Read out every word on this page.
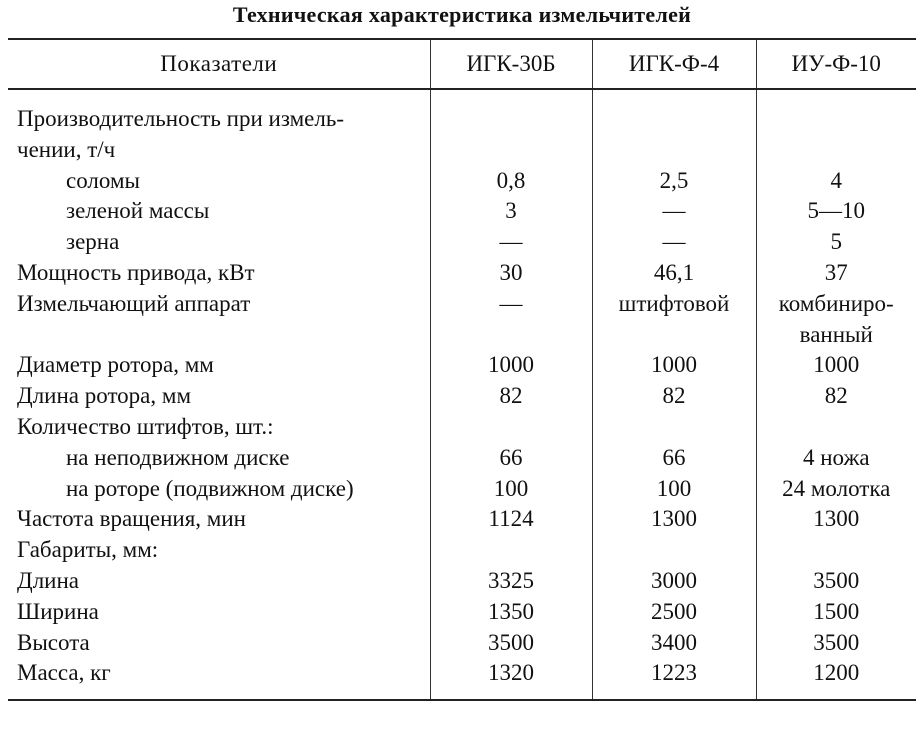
Техническая характеристика измельчителей
Показатели	ИГК-30Б	ИГК-Ф-4	ИУ-Ф-10
Производительность при измель-
чении, т/ч			
соломы	0,8	2,5	4
зеленой массы	3	—	5—10
зерна	—	—	5
Мощность привода, кВт	30	46,1	37
Измельчающий аппарат	—	штифтовой	комбиниро-
ванный
Диаметр ротора, мм	1000	1000	1000
Длина ротора, мм	82	82	82
Количество штифтов, шт.:			
на неподвижном диске	66	66	4 ножа
на роторе (подвижном диске)	100	100	24 молотка
Частота вращения, мин	1124	1300	1300
Габариты, мм:			
Длина	3325	3000	3500
Ширина	1350	2500	1500
Высота	3500	3400	3500
Масса, кг	1320	1223	1200
